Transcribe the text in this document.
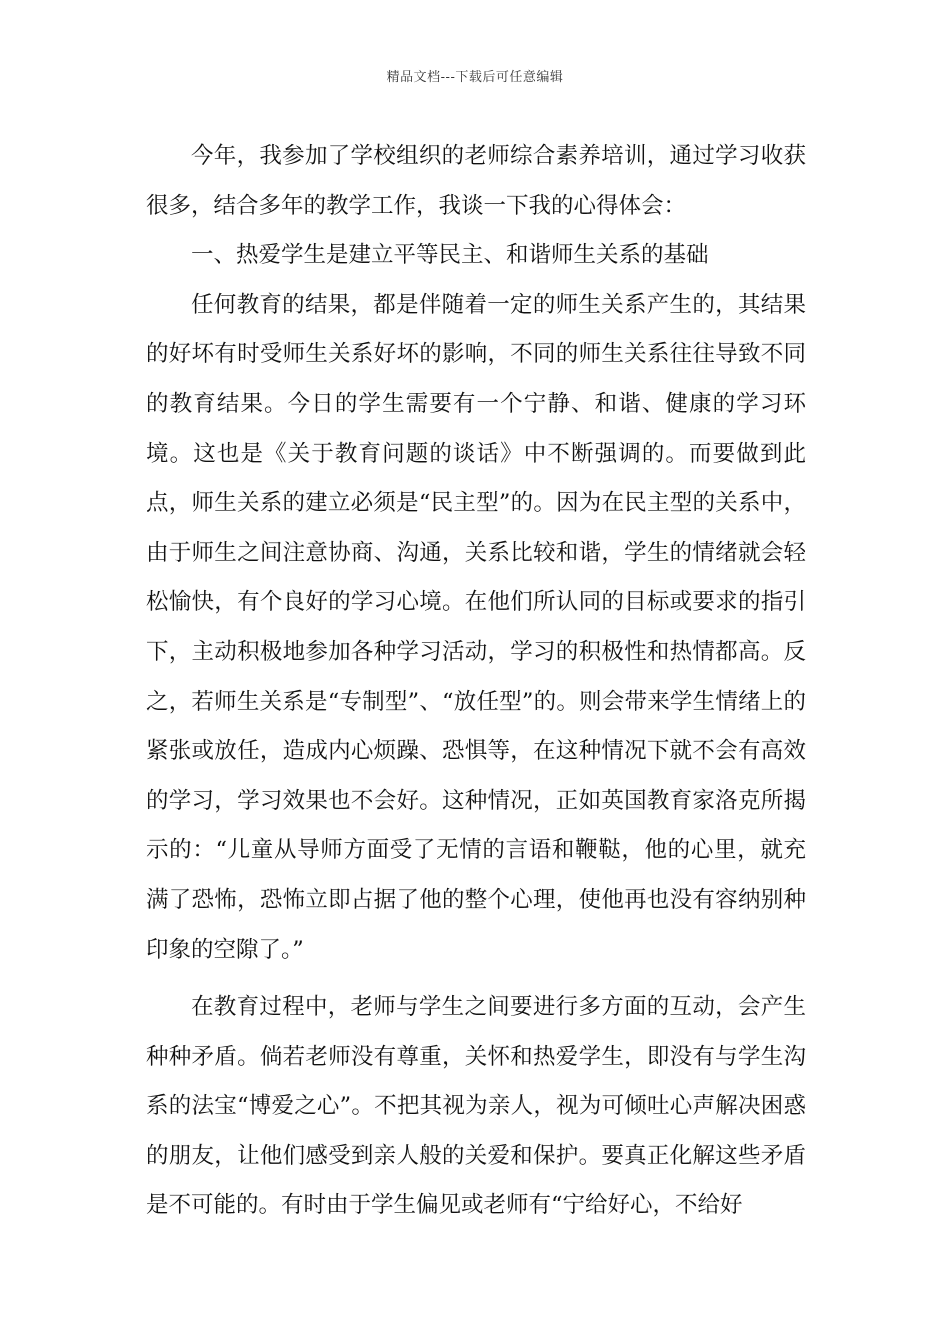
精品文档---下载后可任意编辑

今年，我参加了学校组织的老师综合素养培训，通过学习收获很多，结合多年的教学工作，我谈一下我的心得体会：

一、热爱学生是建立平等民主、和谐师生关系的基础

任何教育的结果，都是伴随着一定的师生关系产生的，其结果的好坏有时受师生关系好坏的影响，不同的师生关系往往导致不同的教育结果。今日的学生需要有一个宁静、和谐、健康的学习环境。这也是《关于教育问题的谈话》中不断强调的。而要做到此点，师生关系的建立必须是“民主型”的。因为在民主型的关系中，由于师生之间注意协商、沟通，关系比较和谐，学生的情绪就会轻松愉快，有个良好的学习心境。在他们所认同的目标或要求的指引下，主动积极地参加各种学习活动，学习的积极性和热情都高。反之，若师生关系是“专制型”、“放任型”的。则会带来学生情绪上的紧张或放任，造成内心烦躁、恐惧等，在这种情况下就不会有高效的学习，学习效果也不会好。这种情况，正如英国教育家洛克所揭示的：“儿童从导师方面受了无情的言语和鞭鞑，他的心里，就充满了恐怖，恐怖立即占据了他的整个心理，使他再也没有容纳别种印象的空隙了。”

在教育过程中，老师与学生之间要进行多方面的互动，会产生种种矛盾。倘若老师没有尊重，关怀和热爱学生，即没有与学生沟系的法宝“博爱之心”。不把其视为亲人，视为可倾吐心声解决困惑的朋友，让他们感受到亲人般的关爱和保护。要真正化解这些矛盾是不可能的。有时由于学生偏见或老师有“宁给好心，不给好
